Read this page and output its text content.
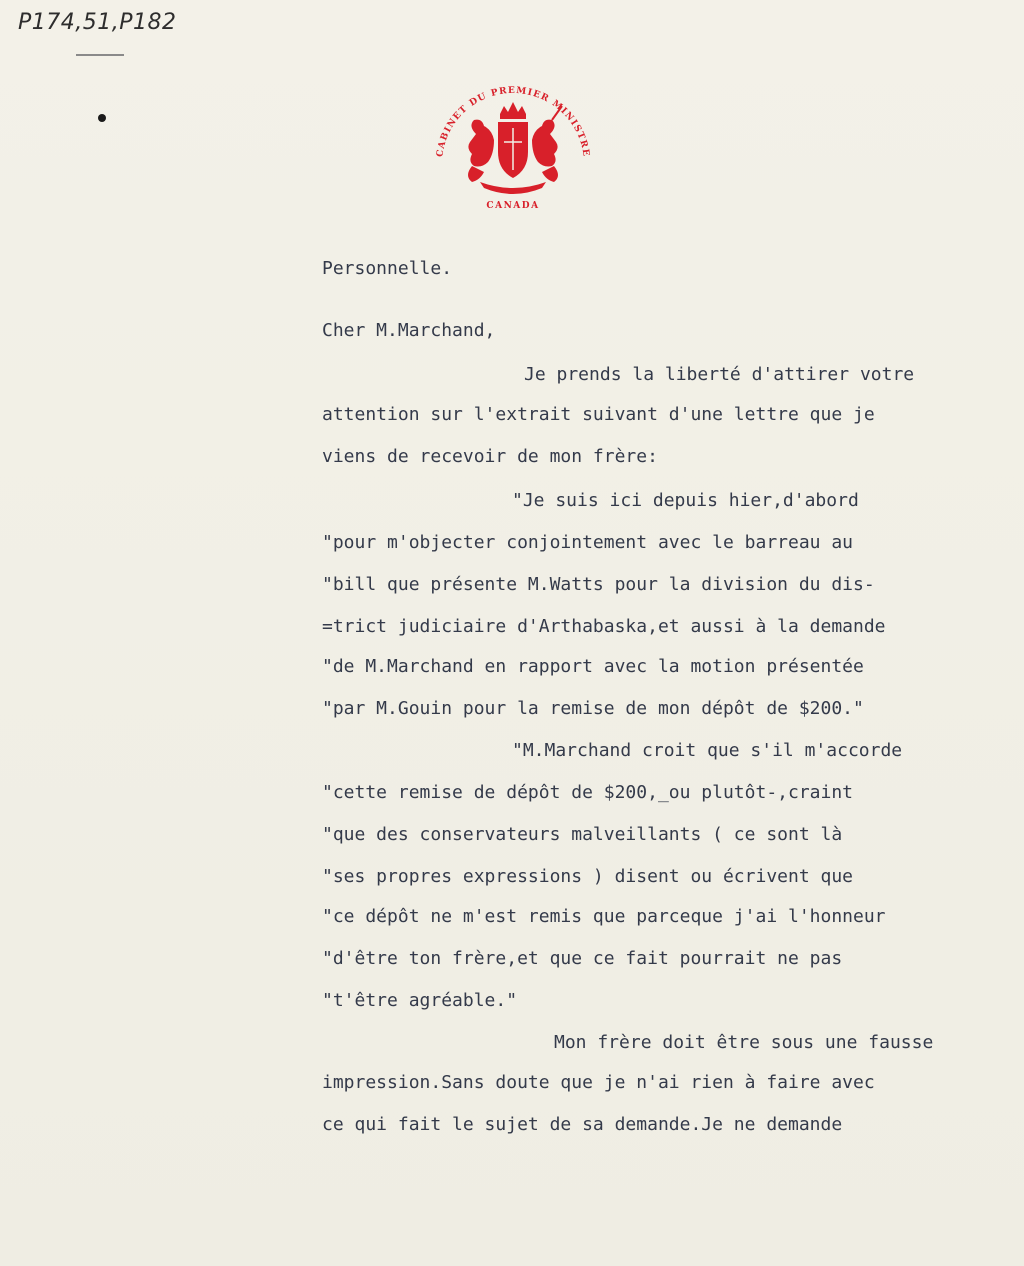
P174,51,P182
CABINET DU PREMIER MINISTRE
CANADA
Personnelle.
Cher M.Marchand,
Je prends la liberté d'attirer votre
attention sur l'extrait suivant d'une lettre que je
viens de recevoir de mon frère:
"Je suis ici depuis hier,d'abord
"pour m'objecter conjointement avec le barreau au
"bill que présente M.Watts pour la division du dis-
=trict judiciaire d'Arthabaska,et aussi à la demande
"de M.Marchand en rapport avec la motion présentée
"par M.Gouin pour la remise de mon dépôt de $200."
"M.Marchand croit que s'il m'accorde
"cette remise de dépôt de $200,_ou plutôt-,craint
"que des conservateurs malveillants ( ce sont là
"ses propres expressions ) disent ou écrivent que
"ce dépôt ne m'est remis que parceque j'ai l'honneur
"d'être ton frère,et que ce fait pourrait ne pas
"t'être agréable."
Mon frère doit être sous une fausse
impression.Sans doute que je n'ai rien à faire avec
ce qui fait le sujet de sa demande.Je ne demande
